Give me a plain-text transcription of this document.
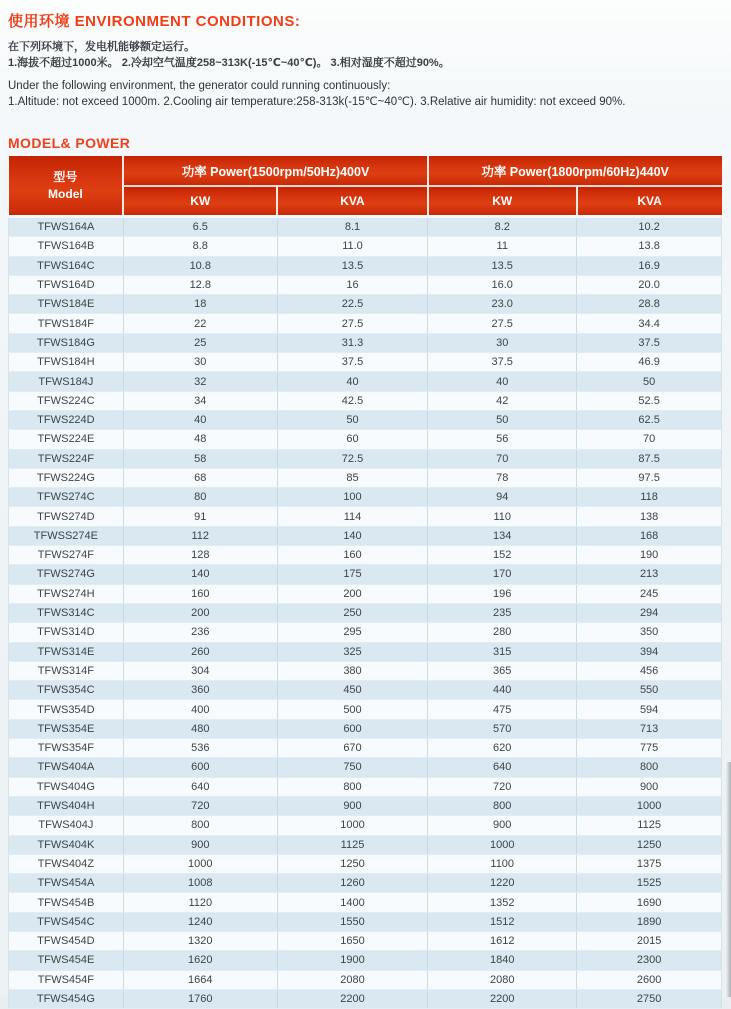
使用环境 ENVIRONMENT CONDITIONS:

在下列环境下，发电机能够额定运行。
1.海拔不超过1000米。 2.冷却空气温度258~313K(-15℃~40℃)。 3.相对湿度不超过90%。

Under the following environment, the generator could running continuously:
1.Altitude: not exceed 1000m. 2.Cooling air temperature:258-313k(-15℃~40℃). 3.Relative air humidity: not exceed 90%.

MODEL& POWER
型号
Model	功率 Power(1500rpm/50Hz)400V		功率 Power(1800rpm/60Hz)440V	
	KW	KVA	KW	KVA
TFWS164A	6.5	8.1	8.2	10.2
TFWS164B	8.8	11.0	11	13.8
TFWS164C	10.8	13.5	13.5	16.9
TFWS164D	12.8	16	16.0	20.0
TFWS184E	18	22.5	23.0	28.8
TFWS184F	22	27.5	27.5	34.4
TFWS184G	25	31.3	30	37.5
TFWS184H	30	37.5	37.5	46.9
TFWS184J	32	40	40	50
TFWS224C	34	42.5	42	52.5
TFWS224D	40	50	50	62.5
TFWS224E	48	60	56	70
TFWS224F	58	72.5	70	87.5
TFWS224G	68	85	78	97.5
TFWS274C	80	100	94	118
TFWS274D	91	114	110	138
TFWSS274E	112	140	134	168
TFWS274F	128	160	152	190
TFWS274G	140	175	170	213
TFWS274H	160	200	196	245
TFWS314C	200	250	235	294
TFWS314D	236	295	280	350
TFWS314E	260	325	315	394
TFWS314F	304	380	365	456
TFWS354C	360	450	440	550
TFWS354D	400	500	475	594
TFWS354E	480	600	570	713
TFWS354F	536	670	620	775
TFWS404A	600	750	640	800
TFWS404G	640	800	720	900
TFWS404H	720	900	800	1000
TFWS404J	800	1000	900	1125
TFWS404K	900	1125	1000	1250
TFWS404Z	1000	1250	1100	1375
TFWS454A	1008	1260	1220	1525
TFWS454B	1120	1400	1352	1690
TFWS454C	1240	1550	1512	1890
TFWS454D	1320	1650	1612	2015
TFWS454E	1620	1900	1840	2300
TFWS454F	1664	2080	2080	2600
TFWS454G	1760	2200	2200	2750
